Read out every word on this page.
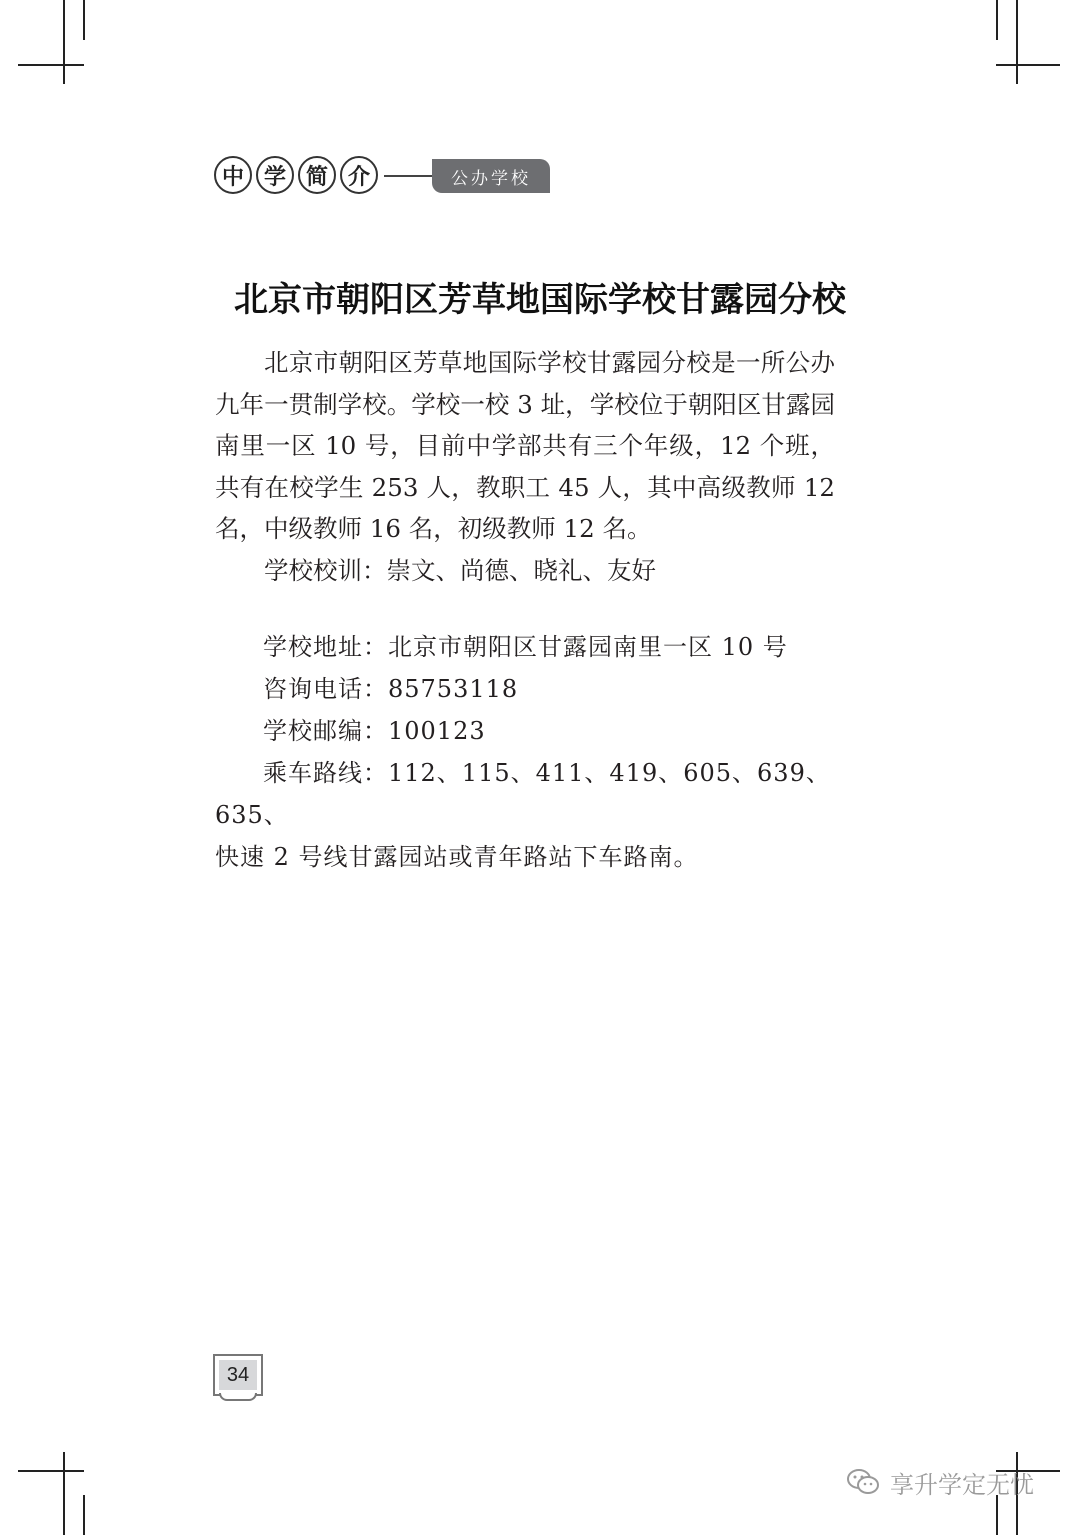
中 学 简 介	公办学校
北京市朝阳区芳草地国际学校甘露园分校

北京市朝阳区芳草地国际学校甘露园分校是一所公办九年一贯制学校。学校一校 3 址，学校位于朝阳区甘露园南里一区 10 号，目前中学部共有三个年级，12 个班，共有在校学生 253 人，教职工 45 人，其中高级教师 12 名，中级教师 16 名，初级教师 12 名。

学校校训：崇文、尚德、晓礼、友好

学校地址：北京市朝阳区甘露园南里一区 10 号

咨询电话：85753118

学校邮编：100123

乘车路线：112、115、411、419、605、639、635、

快速 2 号线甘露园站或青年路站下车路南。

34
享升学定无忧
